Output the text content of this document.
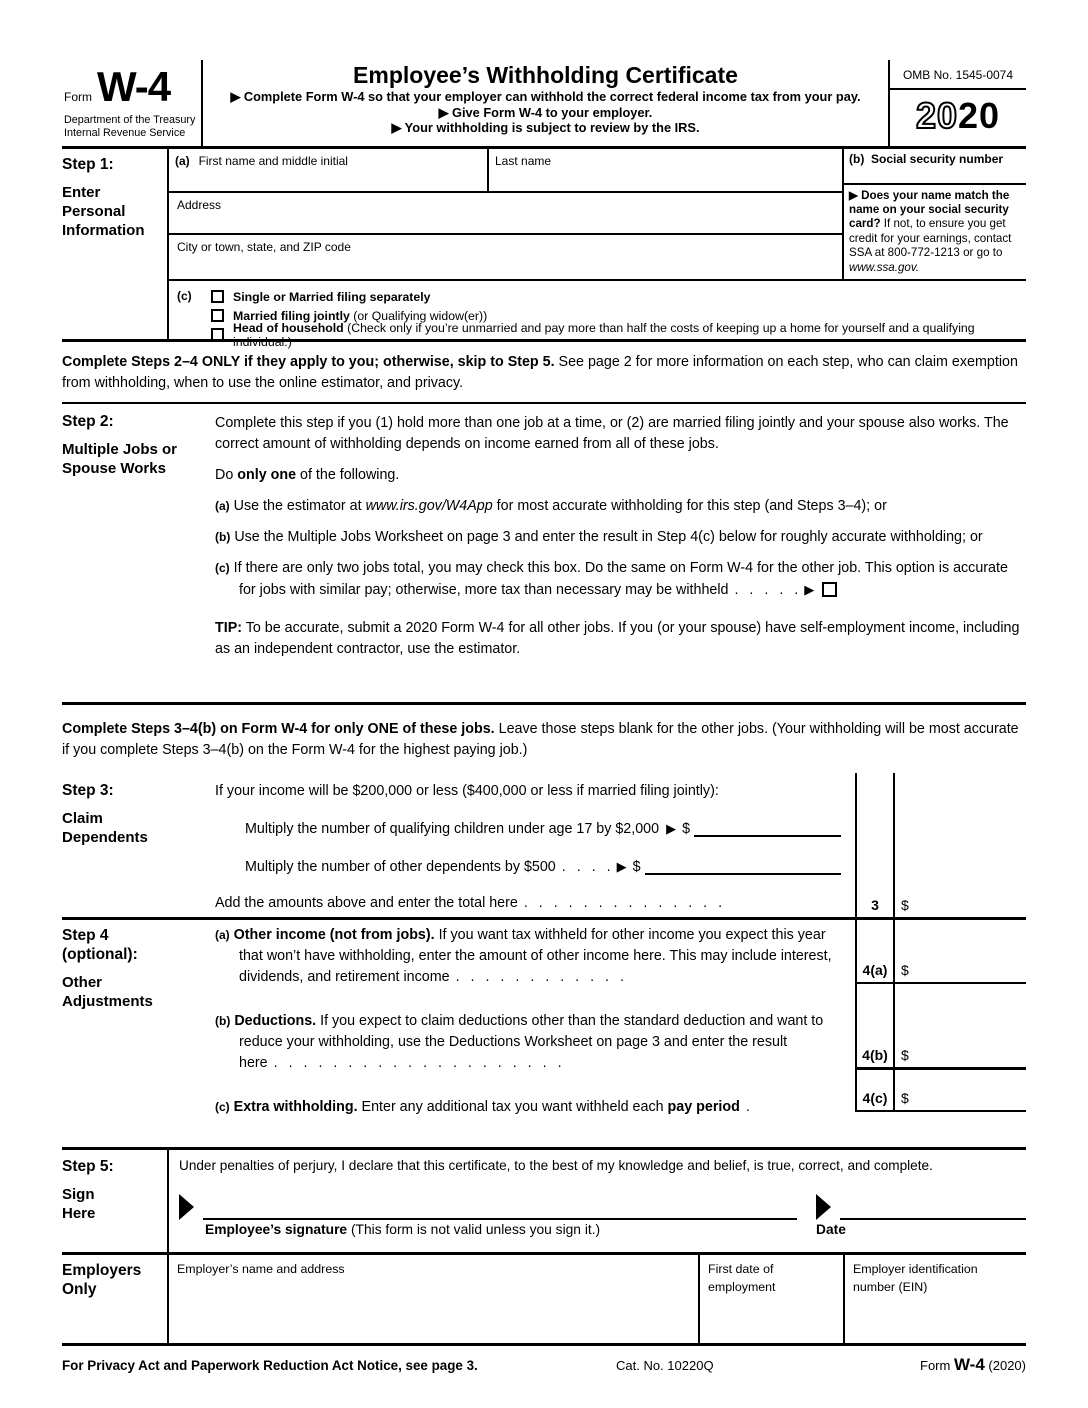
Form W-4
Department of the Treasury
Internal Revenue Service
Employee’s Withholding Certificate
▶ Complete Form W-4 so that your employer can withhold the correct federal income tax from your pay.
▶ Give Form W-4 to your employer.
▶ Your withholding is subject to review by the IRS.
OMB No. 1545-0074
2020
Step 1:
Enter Personal Information
(a) First name and middle initial	Last name
Address
City or town, state, and ZIP code
(b) Social security number
▶ Does your name match the name on your social security card? If not, to ensure you get credit for your earnings, contact SSA at 800-772-1213 or go to www.ssa.gov.
(c)	Single or Married filing separately
Married filing jointly (or Qualifying widow(er))
Head of household (Check only if you’re unmarried and pay more than half the costs of keeping up a home for yourself and a qualifying individual.)
Complete Steps 2–4 ONLY if they apply to you; otherwise, skip to Step 5. See page 2 for more information on each step, who can claim exemption from withholding, when to use the online estimator, and privacy.
Step 2:
Multiple Jobs or Spouse Works

Complete this step if you (1) hold more than one job at a time, or (2) are married filing jointly and your spouse also works. The correct amount of withholding depends on income earned from all of these jobs.

Do only one of the following.

(a) Use the estimator at www.irs.gov/W4App for most accurate withholding for this step (and Steps 3–4); or

(b) Use the Multiple Jobs Worksheet on page 3 and enter the result in Step 4(c) below for roughly accurate withholding; or

(c) If there are only two jobs total, you may check this box. Do the same on Form W-4 for the other job. This option is accurate for jobs with similar pay; otherwise, more tax than necessary may be withheld . . . . . ▶

TIP: To be accurate, submit a 2020 Form W-4 for all other jobs. If you (or your spouse) have self-employment income, including as an independent contractor, use the estimator.

Complete Steps 3–4(b) on Form W-4 for only ONE of these jobs. Leave those steps blank for the other jobs. (Your withholding will be most accurate if you complete Steps 3–4(b) on the Form W-4 for the highest paying job.)
Step 3:
Claim Dependents
If your income will be $200,000 or less ($400,000 or less if married filing jointly):
Multiply the number of qualifying children under age 17 by $2,000 ▶ $
Multiply the number of other dependents by $500 . . . . ▶ $
Add the amounts above and enter the total here . . . . . . . . . . . . . .	3	$
Step 4
(optional):
Other Adjustments
(a) Other income (not from jobs). If you want tax withheld for other income you expect this year that won’t have withholding, enter the amount of other income here. This may include interest, dividends, and retirement income . . . . . . . . . . . .
(b) Deductions. If you expect to claim deductions other than the standard deduction and want to reduce your withholding, use the Deductions Worksheet on page 3 and enter the result here . . . . . . . . . . . . . . . . . . . .
(c) Extra withholding. Enter any additional tax you want withheld each pay period .
4(a) $
4(b) $
4(c) $
Step 5:
Sign Here
Under penalties of perjury, I declare that this certificate, to the best of my knowledge and belief, is true, correct, and complete.
Employee’s signature (This form is not valid unless you sign it.)	Date
Employers Only
Employer’s name and address	First date of employment
Employer identification number (EIN)
For Privacy Act and Paperwork Reduction Act Notice, see page 3.	Cat. No. 10220Q	Form W-4 (2020)
